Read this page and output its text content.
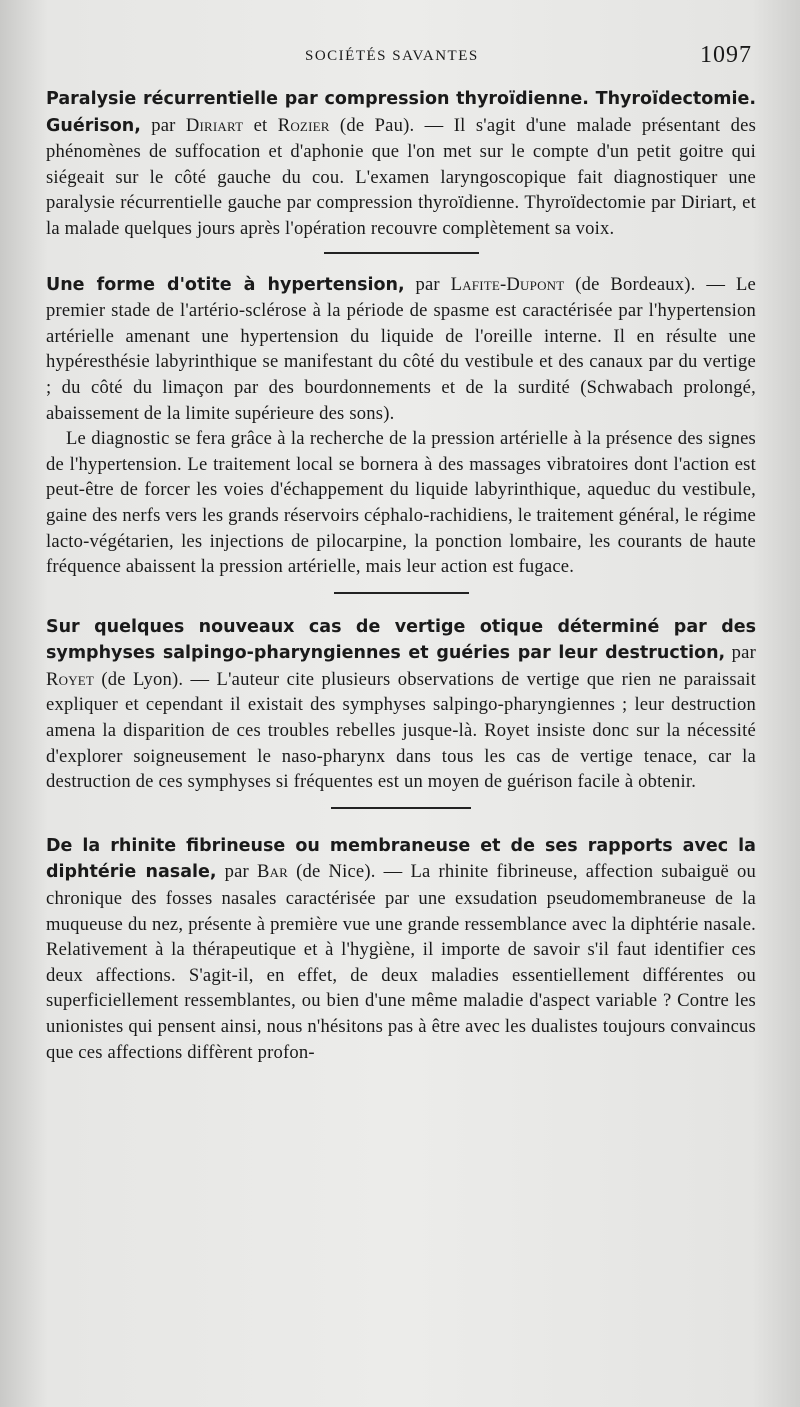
SOCIÉTÉS SAVANTES	1097

Paralysie récurrentielle par compression thyroïdienne. Thyroïdectomie. Guérison, par Diriart et Rozier (de Pau). — Il s'agit d'une malade présentant des phénomènes de suffocation et d'aphonie que l'on met sur le compte d'un petit goitre qui siégeait sur le côté gauche du cou. L'examen laryngoscopique fait diagnostiquer une paralysie récurrentielle gauche par compression thyroïdienne. Thyroïdectomie par Diriart, et la malade quelques jours après l'opération recouvre complètement sa voix.

Une forme d'otite à hypertension, par Lafite-Dupont (de Bordeaux). — Le premier stade de l'artério-sclérose à la période de spasme est caractérisée par l'hypertension artérielle amenant une hypertension du liquide de l'oreille interne. Il en résulte une hypéresthésie labyrinthique se manifestant du côté du vestibule et des canaux par du vertige ; du côté du limaçon par des bourdonnements et de la surdité (Schwabach prolongé, abaissement de la limite supérieure des sons).

Le diagnostic se fera grâce à la recherche de la pression artérielle à la présence des signes de l'hypertension. Le traitement local se bornera à des massages vibratoires dont l'action est peut-être de forcer les voies d'échappement du liquide labyrinthique, aqueduc du vestibule, gaine des nerfs vers les grands réservoirs céphalo-rachidiens, le traitement général, le régime lacto-végétarien, les injections de pilocarpine, la ponction lombaire, les courants de haute fréquence abaissent la pression artérielle, mais leur action est fugace.

Sur quelques nouveaux cas de vertige otique déterminé par des symphyses salpingo-pharyngiennes et guéries par leur destruction, par Royet (de Lyon). — L'auteur cite plusieurs observations de vertige que rien ne paraissait expliquer et cependant il existait des symphyses salpingo-pharyngiennes ; leur destruction amena la disparition de ces troubles rebelles jusque-là. Royet insiste donc sur la nécessité d'explorer soigneusement le naso-pharynx dans tous les cas de vertige tenace, car la destruction de ces symphyses si fréquentes est un moyen de guérison facile à obtenir.

De la rhinite fibrineuse ou membraneuse et de ses rapports avec la diphtérie nasale, par Bar (de Nice). — La rhinite fibrineuse, affection subaiguë ou chronique des fosses nasales caractérisée par une exsudation pseudomembraneuse de la muqueuse du nez, présente à première vue une grande ressemblance avec la diphtérie nasale. Relativement à la thérapeutique et à l'hygiène, il importe de savoir s'il faut identifier ces deux affections. S'agit-il, en effet, de deux maladies essentiellement différentes ou superficiellement ressemblantes, ou bien d'une même maladie d'aspect variable ? Contre les unionistes qui pensent ainsi, nous n'hésitons pas à être avec les dualistes toujours convaincus que ces affections diffèrent profon-
